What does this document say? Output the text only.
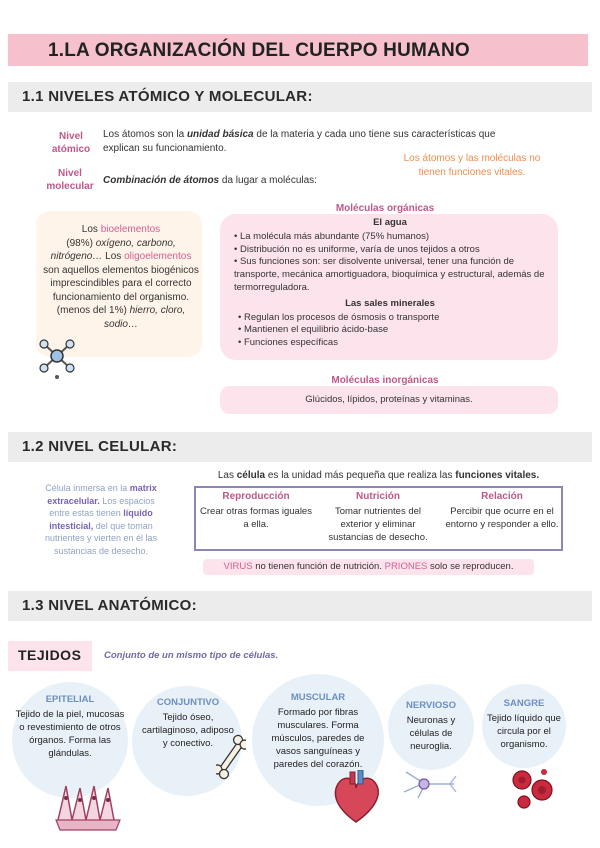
1.LA ORGANIZACIÓN DEL CUERPO HUMANO
1.1 NIVELES ATÓMICO Y MOLECULAR:
Nivel atómico
Los átomos son la unidad básica de la materia y cada uno tiene sus características que explican su funcionamiento.
Nivel molecular
Combinación de átomos da lugar a moléculas:
Los átomos y las moléculas no tienen funciones vitales.
Los bioelementos
(98%) oxígeno, carbono, nitrógeno… Los oligoelementos son aquellos elementos biogénicos imprescindibles para el correcto funcionamiento del organismo. (menos del 1%) hierro, cloro, sodio…
Moléculas orgánicas
El agua
• La molécula más abundante (75% humanos)
• Distribución no es uniforme, varía de unos tejidos a otros
• Sus funciones son: ser disolvente universal, tener una función de transporte, mecánica amortiguadora, bioquímica y estructural, además de termorreguladora.
Las sales minerales
• Regulan los procesos de ósmosis o transporte
• Mantienen el equilibrio ácido-base
• Funciones específicas
Moléculas inorgánicas
Glúcidos, lípidos, proteínas y vitaminas.
1.2 NIVEL CELULAR:
Célula inmersa en la matrix extracelular. Los espacios entre estas tienen líquido intesticial, del que toman nutrientes y vierten en él las sustancias de desecho.
Las célula es la unidad más pequeña que realiza las funciones vitales.
Reproducción
Crear otras formas iguales a ella.
Nutrición
Tomar nutrientes del exterior y eliminar sustancias de desecho.
Relación
Percibir que ocurre en el entorno y responder a ello.
VIRUS no tienen función de nutrición. PRIONES solo se reproducen.
1.3 NIVEL ANATÓMICO:
TEJIDOS Conjunto de un mismo tipo de células.
EPITELIAL
Tejido de la piel, mucosas o revestimiento de otros órganos. Forma las glándulas.
CONJUNTIVO
Tejido óseo, cartilaginoso, adiposo y conectivo.
MUSCULAR
Formado por fibras musculares. Forma músculos, paredes de vasos sanguíneas y paredes del corazón.
NERVIOSO
Neuronas y células de neuroglia.
SANGRE
Tejido líquido que circula por el organismo.
